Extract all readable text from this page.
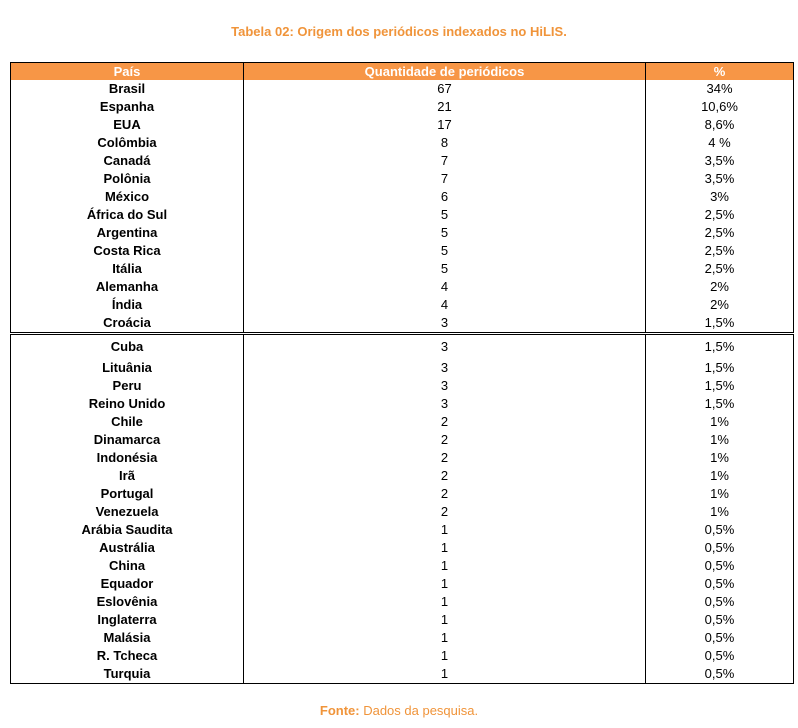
Tabela 02: Origem dos periódicos indexados no HiLIS.
País	Quantidade de periódicos	%
Brasil	67	34%
Espanha	21	10,6%
EUA	17	8,6%
Colômbia	8	4 %
Canadá	7	3,5%
Polônia	7	3,5%
México	6	3%
África do Sul	5	2,5%
Argentina	5	2,5%
Costa Rica	5	2,5%
Itália	5	2,5%
Alemanha	4	2%
Índia	4	2%
Croácia	3	1,5%
Cuba	3	1,5%
Lituânia	3	1,5%
Peru	3	1,5%
Reino Unido	3	1,5%
Chile	2	1%
Dinamarca	2	1%
Indonésia	2	1%
Irã	2	1%
Portugal	2	1%
Venezuela	2	1%
Arábia Saudita	1	0,5%
Austrália	1	0,5%
China	1	0,5%
Equador	1	0,5%
Eslovênia	1	0,5%
Inglaterra	1	0,5%
Malásia	1	0,5%
R. Tcheca	1	0,5%
Turquia	1	0,5%
Fonte: Dados da pesquisa.
